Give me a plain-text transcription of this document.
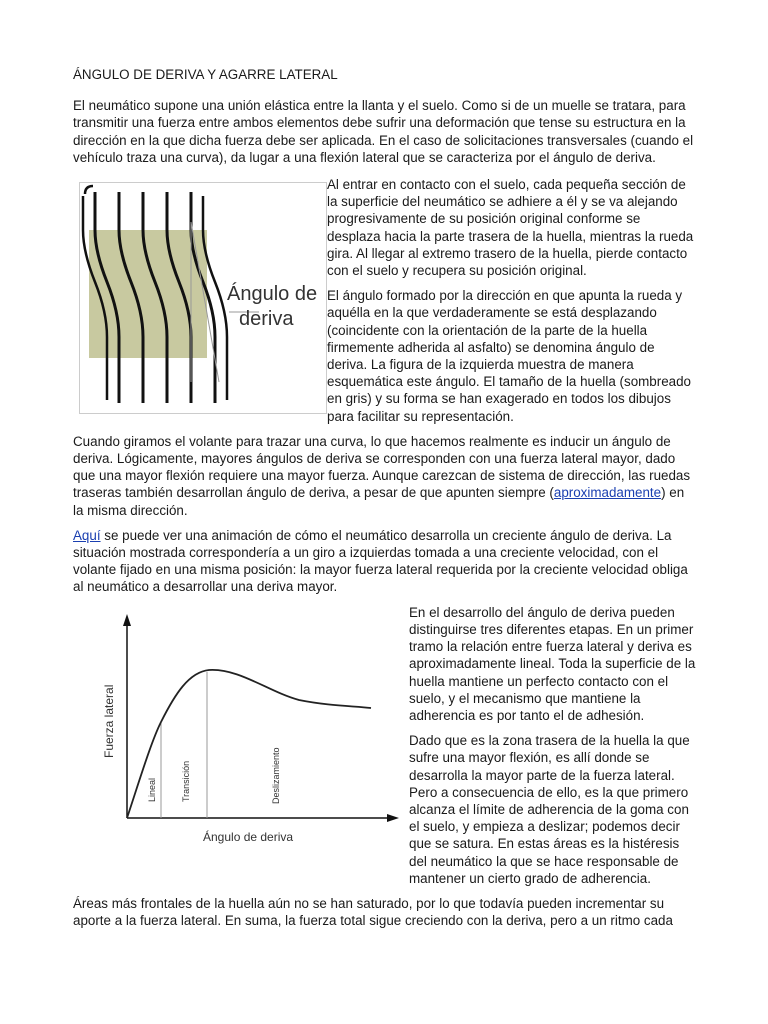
ÁNGULO DE DERIVA Y AGARRE LATERAL

El neumático supone una unión elástica entre la llanta y el suelo. Como si de un muelle se tratara, para transmitir una fuerza entre ambos elementos debe sufrir una deformación que tense su estructura en la dirección en la que dicha fuerza debe ser aplicada. En el caso de solicitaciones transversales (cuando el vehículo traza una curva), da lugar a una flexión lateral que se caracteriza por el ángulo de deriva.

Ángulo de
deriva

Al entrar en contacto con el suelo, cada pequeña sección de la superficie del neumático se adhiere a él y se va alejando progresivamente de su posición original conforme se desplaza hacia la parte trasera de la huella, mientras la rueda gira. Al llegar al extremo trasero de la huella, pierde contacto con el suelo y recupera su posición original.

El ángulo formado por la dirección en que apunta la rueda y aquélla en la que verdaderamente se está desplazando (coincidente con la orientación de la parte de la huella firmemente adherida al asfalto) se denomina ángulo de deriva. La figura de la izquierda muestra de manera esquemática este ángulo. El tamaño de la huella (sombreado en gris) y su forma se han exagerado en todos los dibujos para facilitar su representación.

Cuando giramos el volante para trazar una curva, lo que hacemos realmente es inducir un ángulo de deriva. Lógicamente, mayores ángulos de deriva se corresponden con una fuerza lateral mayor, dado que una mayor flexión requiere una mayor fuerza. Aunque carezcan de sistema de dirección, las ruedas traseras también desarrollan ángulo de deriva, a pesar de que apunten siempre (aproximadamente) en la misma dirección.

Aquí se puede ver una animación de cómo el neumático desarrolla un creciente ángulo de deriva. La situación mostrada correspondería a un giro a izquierdas tomada a una creciente velocidad, con el volante fijado en una misma posición: la mayor fuerza lateral requerida por la creciente velocidad obliga al neumático a desarrollar una deriva mayor.

Lineal	Transición	Deslizamiento
Fuerza lateral
Ángulo de deriva

En el desarrollo del ángulo de deriva pueden distinguirse tres diferentes etapas. En un primer tramo la relación entre fuerza lateral y deriva es aproximadamente lineal. Toda la superficie de la huella mantiene un perfecto contacto con el suelo, y el mecanismo que mantiene la adherencia es por tanto el de adhesión.

Dado que es la zona trasera de la huella la que sufre una mayor flexión, es allí donde se desarrolla la mayor parte de la fuerza lateral. Pero a consecuencia de ello, es la que primero alcanza el límite de adherencia de la goma con el suelo, y empieza a deslizar; podemos decir que se satura. En estas áreas es la histéresis del neumático la que se hace responsable de mantener un cierto grado de adherencia.

Áreas más frontales de la huella aún no se han saturado, por lo que todavía pueden incrementar su aporte a la fuerza lateral. En suma, la fuerza total sigue creciendo con la deriva, pero a un ritmo cada
